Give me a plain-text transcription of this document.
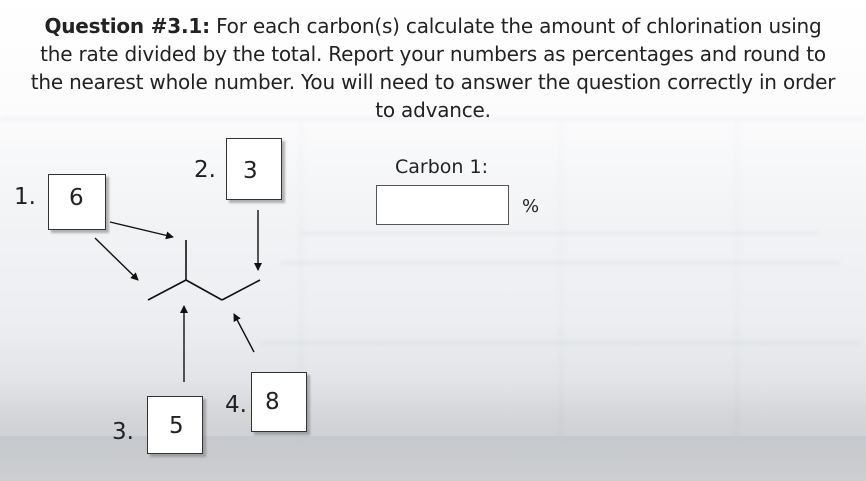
Question #3.1: For each carbon(s) calculate the amount of chlorination using the rate divided by the total. Report your numbers as percentages and round to the nearest whole number. You will need to answer the question correctly in order to advance.
1. 6
2. 3
3. 5
4. 8
Carbon 1:
%
